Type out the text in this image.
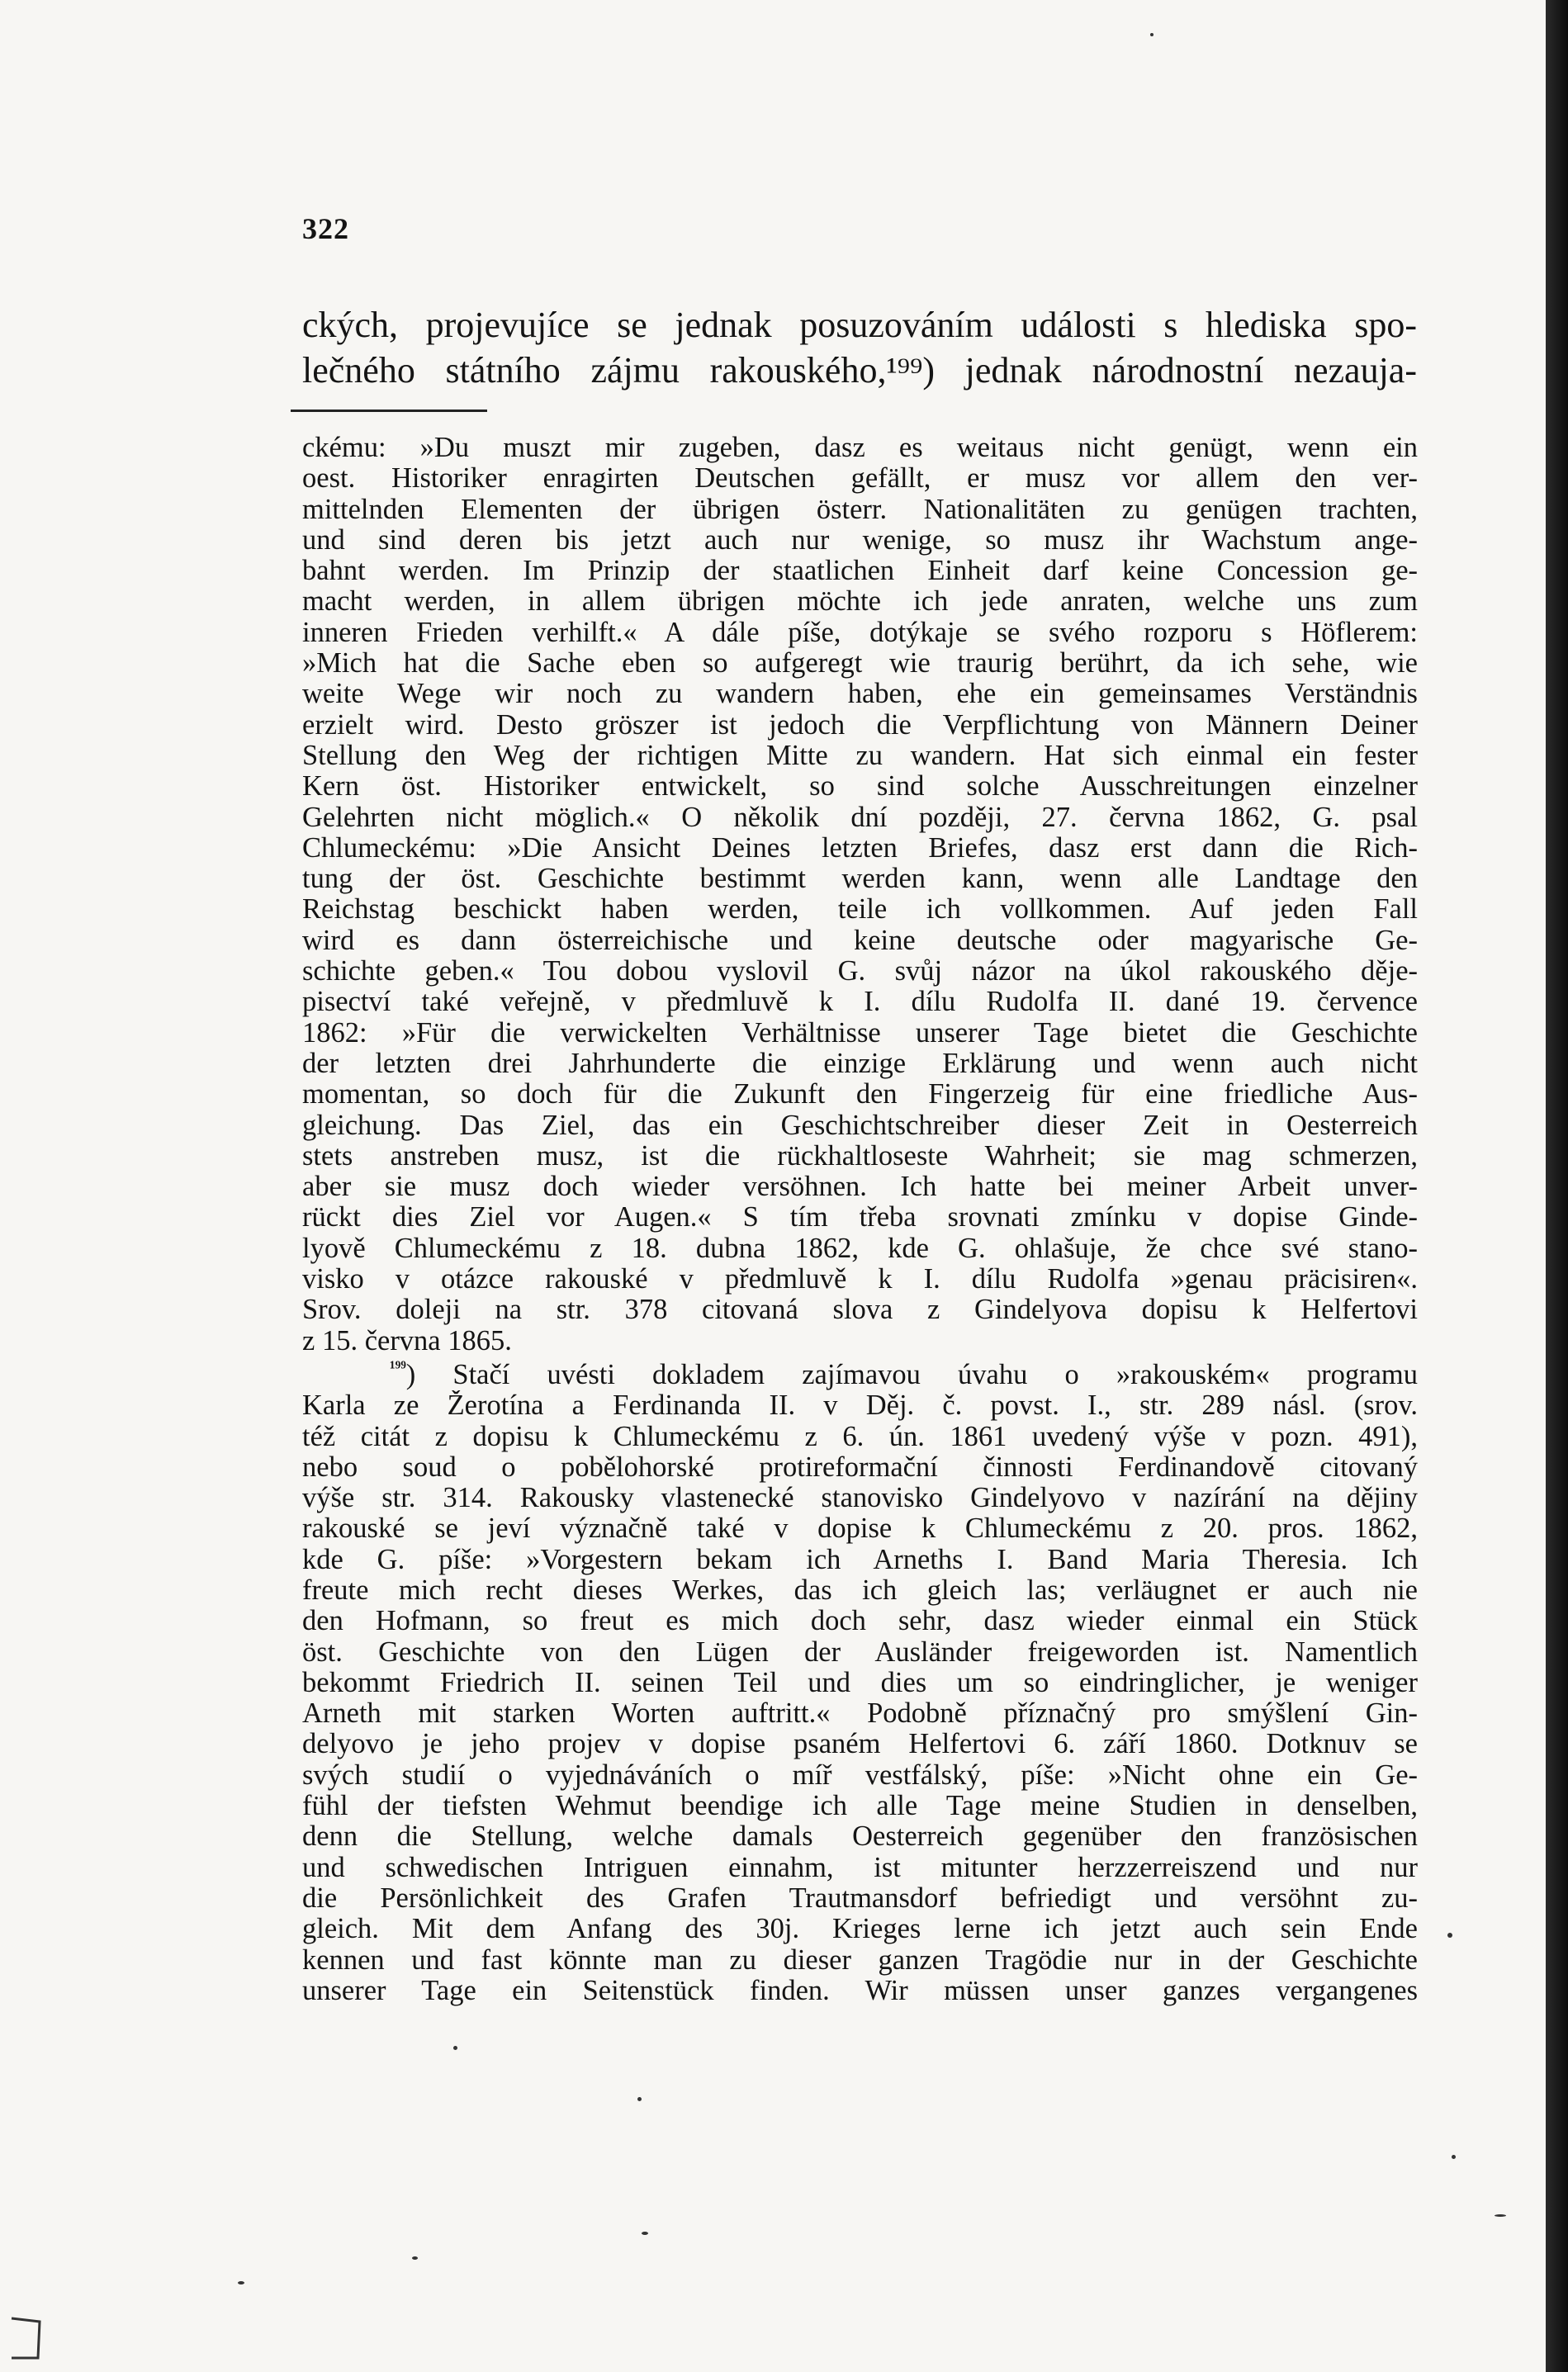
322
ckých, projevujíce se jednak posuzováním události s hlediska spo-
lečného státního zájmu rakouského,¹⁹⁹) jednak národnostní nezauja-
ckému: »Du muszt mir zugeben, dasz es weitaus nicht genügt, wenn ein
oest. Historiker enragirten Deutschen gefällt, er musz vor allem den ver-
mittelnden Elementen der übrigen österr. Nationalitäten zu genügen trachten,
und sind deren bis jetzt auch nur wenige, so musz ihr Wachstum ange-
bahnt werden. Im Prinzip der staatlichen Einheit darf keine Concession ge-
macht werden, in allem übrigen möchte ich jede anraten, welche uns zum
inneren Frieden verhilft.« A dále píše, dotýkaje se svého rozporu s Höflerem:
»Mich hat die Sache eben so aufgeregt wie traurig berührt, da ich sehe, wie
weite Wege wir noch zu wandern haben, ehe ein gemeinsames Verständnis
erzielt wird. Desto gröszer ist jedoch die Verpflichtung von Männern Deiner
Stellung den Weg der richtigen Mitte zu wandern. Hat sich einmal ein fester
Kern öst. Historiker entwickelt, so sind solche Ausschreitungen einzelner
Gelehrten nicht möglich.« O několik dní později, 27. června 1862, G. psal
Chlumeckému: »Die Ansicht Deines letzten Briefes, dasz erst dann die Rich-
tung der öst. Geschichte bestimmt werden kann, wenn alle Landtage den
Reichstag beschickt haben werden, teile ich vollkommen. Auf jeden Fall
wird es dann österreichische und keine deutsche oder magyarische Ge-
schichte geben.« Tou dobou vyslovil G. svůj názor na úkol rakouského děje-
pisectví také veřejně, v předmluvě k I. dílu Rudolfa II. dané 19. července
1862: »Für die verwickelten Verhältnisse unserer Tage bietet die Geschichte
der letzten drei Jahrhunderte die einzige Erklärung und wenn auch nicht
momentan, so doch für die Zukunft den Fingerzeig für eine friedliche Aus-
gleichung. Das Ziel, das ein Geschichtschreiber dieser Zeit in Oesterreich
stets anstreben musz, ist die rückhaltloseste Wahrheit; sie mag schmerzen,
aber sie musz doch wieder versöhnen. Ich hatte bei meiner Arbeit unver-
rückt dies Ziel vor Augen.« S tím třeba srovnati zmínku v dopise Ginde-
lyově Chlumeckému z 18. dubna 1862, kde G. ohlašuje, že chce své stano-
visko v otázce rakouské v předmluvě k I. dílu Rudolfa »genau präcisiren«.
Srov. doleji na str. 378 citovaná slova z Gindelyova dopisu k Helfertovi
z 15. června 1865.
$^{^{199}}$) Stačí uvésti dokladem zajímavou úvahu o »rakouském« programu
Karla ze Žerotína a Ferdinanda II. v Děj. č. povst. I., str. 289 násl. (srov.
též citát z dopisu k Chlumeckému z 6. ún. 1861 uvedený výše v pozn. 491),
nebo soud o pobělohorské protireformační činnosti Ferdinandově citovaný
výše str. 314. Rakousky vlastenecké stanovisko Gindelyovo v nazírání na dějiny
rakouské se jeví význačně také v dopise k Chlumeckému z 20. pros. 1862,
kde G. píše: »Vorgestern bekam ich Arneths I. Band Maria Theresia. Ich
freute mich recht dieses Werkes, das ich gleich las; verläugnet er auch nie
den Hofmann, so freut es mich doch sehr, dasz wieder einmal ein Stück
öst. Geschichte von den Lügen der Ausländer freigeworden ist. Namentlich
bekommt Friedrich II. seinen Teil und dies um so eindringlicher, je weniger
Arneth mit starken Worten auftritt.« Podobně příznačný pro smýšlení Gin-
delyovo je jeho projev v dopise psaném Helfertovi 6. září 1860. Dotknuv se
svých studií o vyjednáváních o míř vestfálský, píše: »Nicht ohne ein Ge-
fühl der tiefsten Wehmut beendige ich alle Tage meine Studien in denselben,
denn die Stellung, welche damals Oesterreich gegenüber den französischen
und schwedischen Intriguen einnahm, ist mitunter herzzerreiszend und nur
die Persönlichkeit des Grafen Trautmansdorf befriedigt und versöhnt zu-
gleich. Mit dem Anfang des 30j. Krieges lerne ich jetzt auch sein Ende
kennen und fast könnte man zu dieser ganzen Tragödie nur in der Geschichte
unserer Tage ein Seitenstück finden. Wir müssen unser ganzes vergangenes
